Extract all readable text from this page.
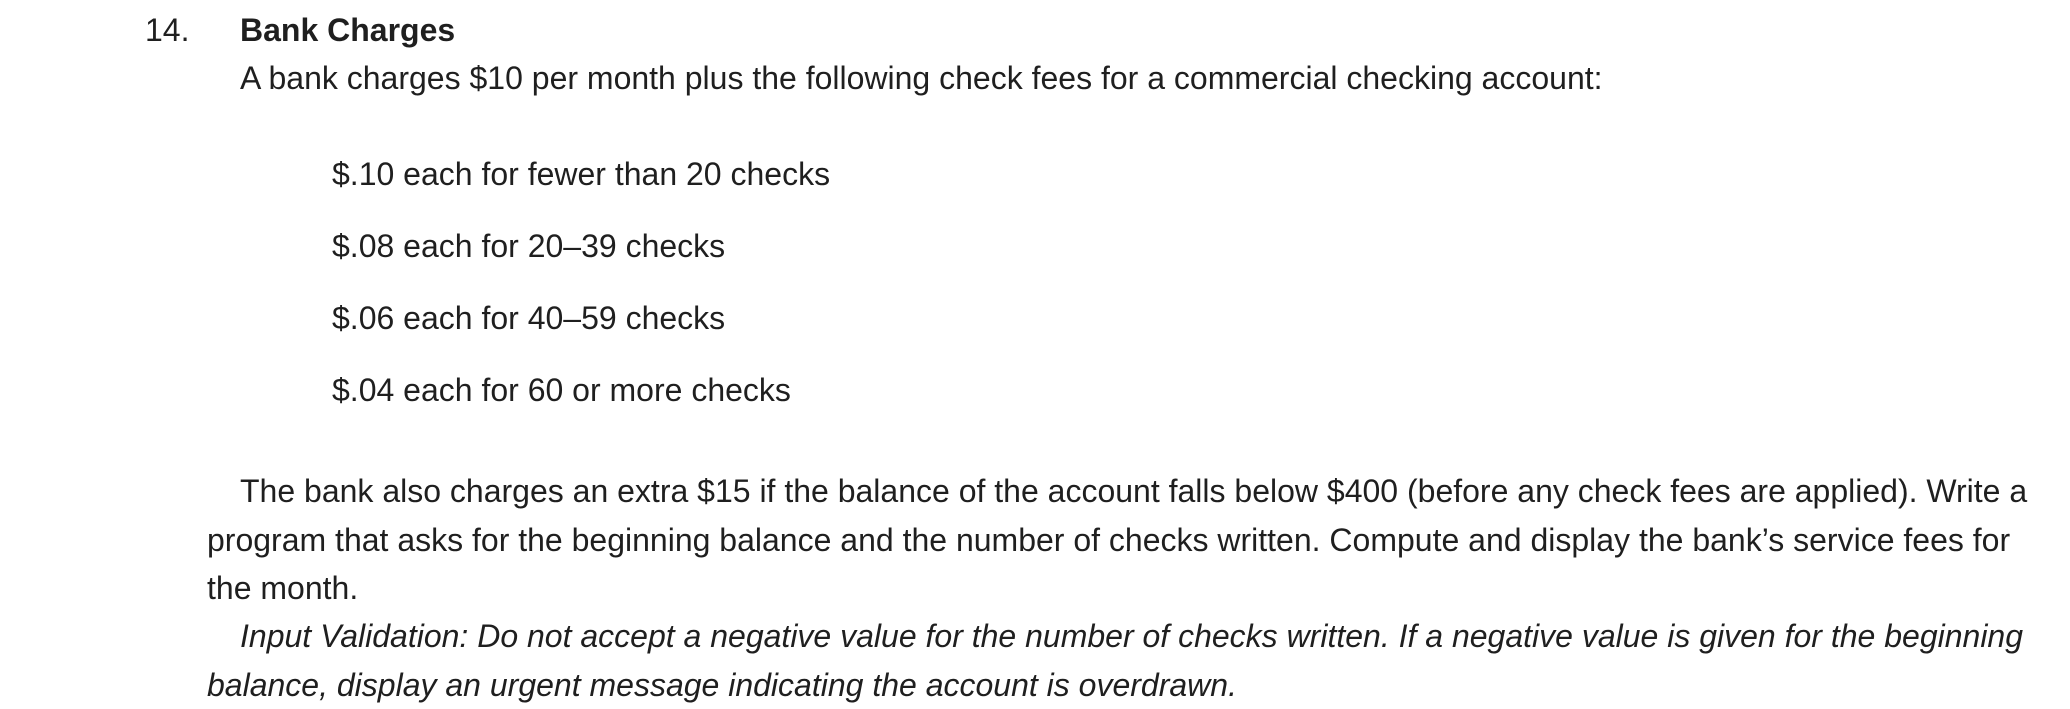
14. Bank Charges
A bank charges $10 per month plus the following check fees for a commercial checking account:
$.10 each for fewer than 20 checks
$.08 each for 20–39 checks
$.06 each for 40–59 checks
$.04 each for 60 or more checks

The bank also charges an extra $15 if the balance of the account falls below $400 (before any check fees are applied). Write a program that asks for the beginning balance and the number of checks written. Compute and display the bank’s service fees for the month.

Input Validation: Do not accept a negative value for the number of checks written. If a negative value is given for the beginning balance, display an urgent message indicating the account is overdrawn.
